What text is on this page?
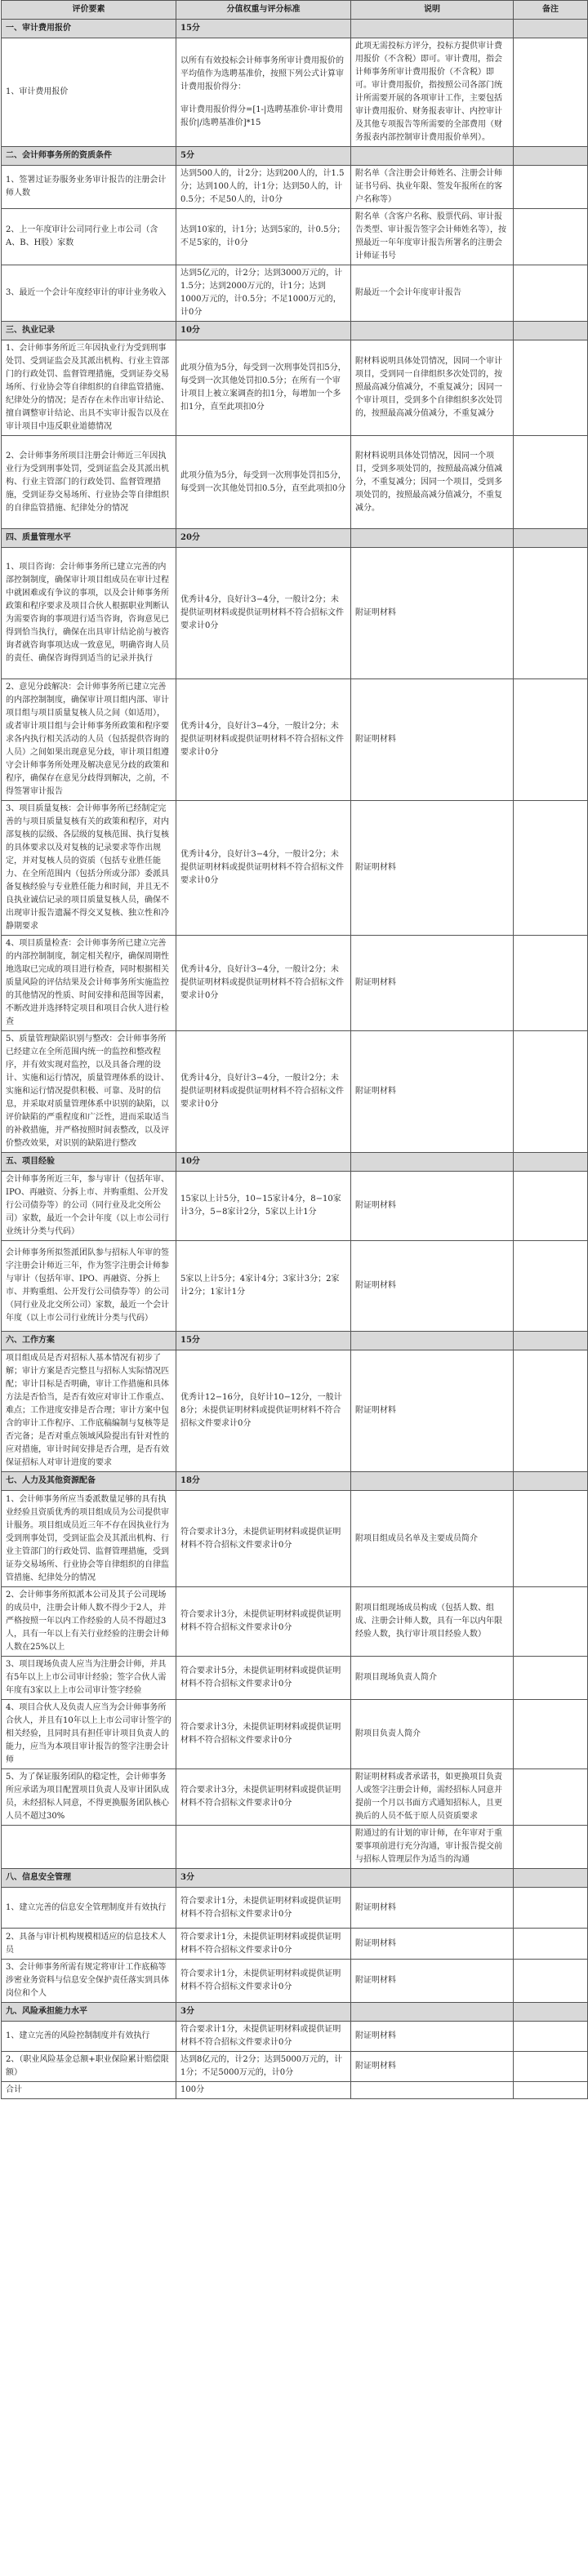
评价要素	分值权重与评分标准	说明	备注
一、审计费用报价	15分		
1、审计费用报价	以所有有效投标会计师事务所审计费用报价的平均值作为选聘基准价，按照下列公式计算审计费用报价得分：
审计费用报价得分=[1-|选聘基准价-审计费用报价|/选聘基准价]*15	此项无需投标方评分，投标方提供审计费用报价（不含税）即可。审计费用，指会计师事务所审计费用报价（不含税）即可。审计费用报价，指按照公司各部门统计所需要开展的各项审计工作，主要包括审计费用报价、财务报表审计、内控审计及其他专项报告等所需要的全部费用（财务报表内部控制审计费用报价单列）。	
二、会计师事务所的资质条件	5分		
1、签署过证券服务业务审计报告的注册会计师人数	达到500人的，计2分；达到200人的，计1.5分；达到100人的，计1分；达到50人的，计0.5分；不足50人的，计0分	附名单（含注册会计师姓名、注册会计师证书号码、执业年限、签发年报所在的客户名称等）	
2、上一年度审计公司同行业上市公司（含A、B、H股）家数	达到10家的，计1分；达到5家的，计0.5分；不足5家的，计0分	附名单（含客户名称、股票代码、审计报告类型、审计报告签字会计师姓名等），按照最近一年年度审计报告所署名的注册会计师证书号	
3、最近一个会计年度经审计的审计业务收入	达到5亿元的，计2分；达到3000万元的，计1.5分；达到2000万元的，计1分；达到1000万元的，计0.5分；不足1000万元的，计0分	附最近一个会计年度审计报告	
三、执业记录	10分		
1、会计师事务所近三年因执业行为受到刑事处罚、受到证监会及其派出机构、行业主管部门的行政处罚、监督管理措施，受到证券交易场所、行业协会等自律组织的自律监管措施、纪律处分的情况；是否存在未作出审计结论、擅自调整审计结论、出具不实审计报告以及在审计项目中违反职业道德情况	此项分值为5分，每受到一次刑事处罚扣5分，每受到一次其他处罚扣0.5分；在所有一个审计项目上被立案调查的扣1分，每增加一个多扣1分，直至此项扣0分	附材料说明具体处罚情况，因同一个审计项目，受到同一自律组织多次处罚的，按照最高减分值减分，不重复减分；因同一个审计项目，受到多个自律组织多次处罚的，按照最高减分值减分，不重复减分	
2、会计师事务所项目注册会计师近三年因执业行为受到刑事处罚，受到证监会及其派出机构、行业主管部门的行政处罚、监督管理措施，受到证券交易场所、行业协会等自律组织的自律监管措施、纪律处分的情况	此项分值为5分，每受到一次刑事处罚扣5分，每受到一次其他处罚扣0.5分，直至此项扣0分	附材料说明具体处罚情况，因同一个项目，受到多项处罚的，按照最高减分值减分，不重复减分；因同一个项目，受到多项处罚的，按照最高减分值减分，不重复减分。	
四、质量管理水平	20分		
1、项目咨询：会计师事务所已建立完善的内部控制制度，确保审计项目组成员在审计过程中就困难或有争议的事项，以及会计师事务所政策和程序要求及项目合伙人根据职业判断认为需要咨询的事项进行适当咨询，咨询意见已得到恰当执行，确保在出具审计结论前与被咨询者就咨询事项达成一致意见，明确咨询人员的责任、确保咨询得到适当的记录并执行	优秀计4分，良好计3−4分，一般计2分；未提供证明材料或提供证明材料不符合招标文件要求计0分	附证明材料	
2、意见分歧解决：会计师事务所已建立完善的内部控制制度，确保审计项目组内部、审计项目组与项目质量复核人员之间（如适用），或者审计项目组与会计师事务所政策和程序要求各内执行相关活动的人员（包括提供咨询的人员）之间如果出现意见分歧，审计项目组遵守会计师事务所处理及解决意见分歧的政策和程序，确保存在意见分歧得到解决，之前，不得签署审计报告	优秀计4分，良好计3−4分，一般计2分；未提供证明材料或提供证明材料不符合招标文件要求计0分	附证明材料	
3、项目质量复核：会计师事务所已经制定完善的与项目质量复核有关的政策和程序，对内部复核的层级、各层级的复核范围、执行复核的具体要求以及对复核的记录要求等作出规定，并对复核人员的资质（包括专业胜任能力、在全所范围内（包括分所或分部）委派具备复核经验与专业胜任能力和时间，并且无不良执业诚信记录的项目质量复核人员，确保不出现审计报告遗漏不得交叉复核、独立性和冷静期要求	优秀计4分，良好计3−4分，一般计2分；未提供证明材料或提供证明材料不符合招标文件要求计0分	附证明材料	
4、项目质量检查：会计师事务所已建立完善的内部控制制度，制定相关程序，确保周期性地选取已完成的项目进行检查，同时根据相关质量风险的评估结果及会计师事务所实施监控的其他情况的性质、时间安排和范围等因素，不断改进并选择特定项目和项目合伙人进行检查	优秀计4分，良好计3−4分，一般计2分；未提供证明材料或提供证明材料不符合招标文件要求计0分	附证明材料	
5、质量管理缺陷识别与整改：会计师事务所已经建立在全所范围内统一的监控和整改程序，并有效实现对监控，以及具备合理的设计、实施和运行情况，质量管理体系的设计、实施和运行情况提供积极、可靠、及时的信息，并采取对质量管理体系中识别的缺陷，以评价缺陷的严重程度和广泛性，进而采取适当的补救措施，并严格按照时间表整改，以及评价整改效果，对识别的缺陷进行整改	优秀计4分，良好计3−4分，一般计2分；未提供证明材料或提供证明材料不符合招标文件要求计0分	附证明材料	
五、项目经验	10分		
会计师事务所近三年，参与审计（包括年审、IPO、再融资、分拆上市、并购重组、公开发行公司债券等）的公司（同行业及北交所公司）家数，最近一个会计年度（以上市公司行业统计分类与代码）	15家以上计5分，10−15家计4分，8−10家计3分，5−8家计2分，5家以上计1分	附证明材料	
会计师事务所拟签派团队参与招标人年审的签字注册会计师近三年，作为签字注册会计师参与审计（包括年审、IPO、再融资、分拆上市、并购重组、公开发行公司债券等）的公司（同行业及北交所公司）家数，最近一个会计年度（以上市公司行业统计分类与代码）	5家以上计5分；4家计4分；3家计3分；2家计2分；1家计1分	附证明材料	
六、工作方案	15分		
项目组成员是否对招标人基本情况有初步了解；审计方案是否完整且与招标人实际情况匹配；审计目标是否明确，审计工作措施和具体方法是否恰当，是否有效应对审计工作重点、难点；工作进度安排是否合理；审计方案中包含的审计工作程序、工作底稿编制与复核等是否完备；是否对重点领域风险提出有针对性的应对措施，审计时间安排是否合理，是否有效保证招标人对审计进度的要求	优秀计12−16分，良好计10−12分，一般计8分；未提供证明材料或提供证明材料不符合招标文件要求计0分	附证明材料	
七、人力及其他资源配备	18分		
1、会计师事务所应当委派数量足够的具有执业经验且资质优秀的项目组成员为公司提供审计服务。项目组成员近三年不存在因执业行为受到刑事处罚，受到证监会及其派出机构、行业主管部门的行政处罚、监督管理措施，受到证券交易场所、行业协会等自律组织的自律监管措施、纪律处分的情况	符合要求计3分，未提供证明材料或提供证明材料不符合招标文件要求计0分	附项目组成员名单及主要成员简介	
2、会计师事务所拟派本公司及其子公司现场的成员中，注册会计师人数不得少于2人，并严格按照一年以内工作经验的人员不得超过3人，具有一年以上有关行业经验的注册会计师人数在25%以上	符合要求计3分，未提供证明材料或提供证明材料不符合招标文件要求计0分	附项目组现场成员构成（包括人数、组成、注册会计师人数，具有一年以内年限经验人数，执行审计项目经验人数）	
3、项目现场负责人应当为注册会计师，并具有5年以上上市公司审计经验；签字合伙人需年度有3家以上上市公司审计签字经验	符合要求计5分，未提供证明材料或提供证明材料不符合招标文件要求计0分	附项目现场负责人简介	
4、项目合伙人及负责人应当为会计师事务所合伙人，并且有10年以上上市公司审计签字的相关经验，且同时具有担任审计项目负责人的能力，应当为本项目审计报告的签字注册会计师	符合要求计3分，未提供证明材料或提供证明材料不符合招标文件要求计0分	附项目负责人简介	
5、为了保证服务团队的稳定性，会计师事务所应承诺为项目配置项目负责人及审计团队成员，未经招标人同意，不得更换服务团队核心人员不超过30%	符合要求计3分，未提供证明材料或提供证明材料不符合招标文件要求计0分	附证明材料或者承诺书，如更换项目负责人或签字注册会计师，需经招标人同意并提前一个月以书面方式通知招标人，且更换后的人员不低于原人员资质要求	
		附通过的有计划的审计师，在年审对于重要事项前进行充分沟通，审计报告提交前与招标人管理层作为适当的沟通	
八、信息安全管理	3分		
1、建立完善的信息安全管理制度并有效执行	符合要求计1分，未提供证明材料或提供证明材料不符合招标文件要求计0分	附证明材料	
2、具备与审计机构规模相适应的信息技术人员	符合要求计1分，未提供证明材料或提供证明材料不符合招标文件要求计0分	附证明材料	
3、会计师事务所需有规定将审计工作底稿等涉密业务资料与信息安全保护责任落实到具体岗位和个人	符合要求计1分，未提供证明材料或提供证明材料不符合招标文件要求计0分	附证明材料	
九、风险承担能力水平	3分		
1、建立完善的风险控制制度并有效执行	符合要求计1分，未提供证明材料或提供证明材料不符合招标文件要求计0分	附证明材料	
2、（职业风险基金总额+职业保险累计赔偿限额）	达到8亿元的，计2分；达到5000万元的，计1分；不足5000万元的，计0分	附证明材料	
合计	100分		
